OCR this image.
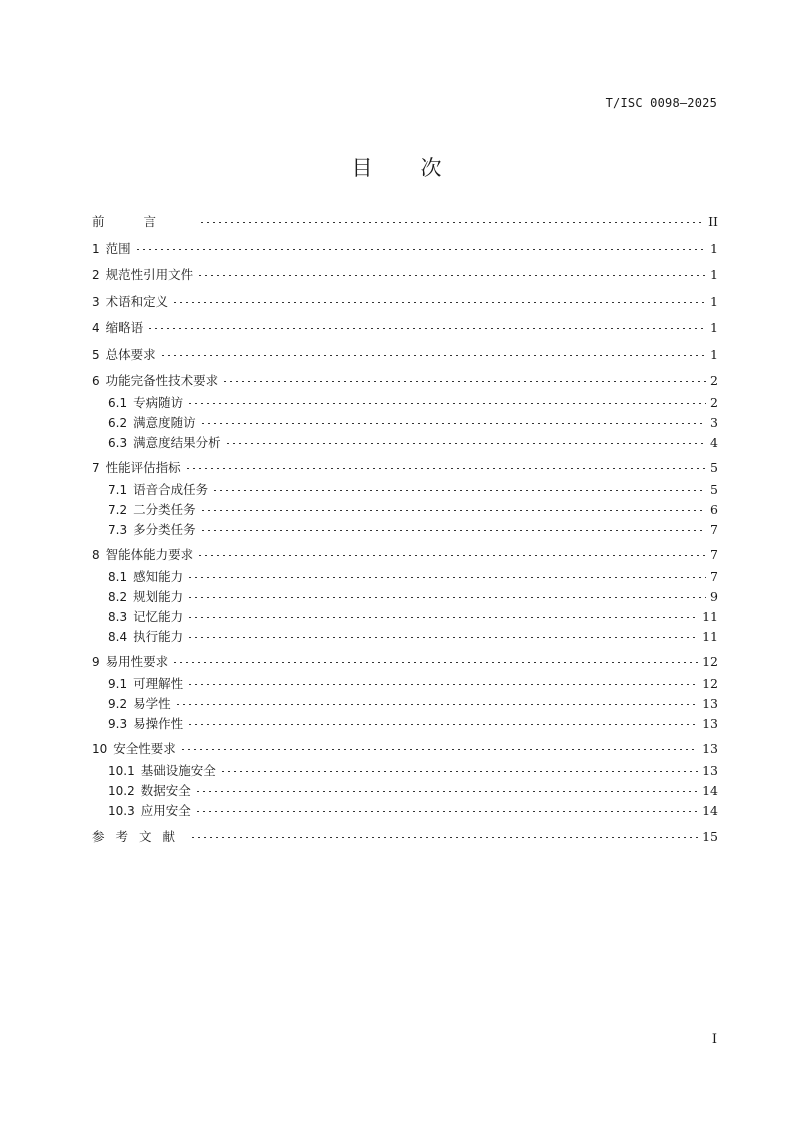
T/ISC 0098—2025
目 次
前言	II
1 范围	1
2 规范性引用文件	1
3 术语和定义	1
4 缩略语	1
5 总体要求	1
6 功能完备性技术要求	2
6.1 专病随访	2
6.2 满意度随访	3
6.3 满意度结果分析	4
7 性能评估指标	5
7.1 语音合成任务	5
7.2 二分类任务	6
7.3 多分类任务	7
8 智能体能力要求	7
8.1 感知能力	7
8.2 规划能力	9
8.3 记忆能力	11
8.4 执行能力	11
9 易用性要求	12
9.1 可理解性	12
9.2 易学性	13
9.3 易操作性	13
10 安全性要求	13
10.1 基础设施安全	13
10.2 数据安全	14
10.3 应用安全	14
参考文献	15
I
